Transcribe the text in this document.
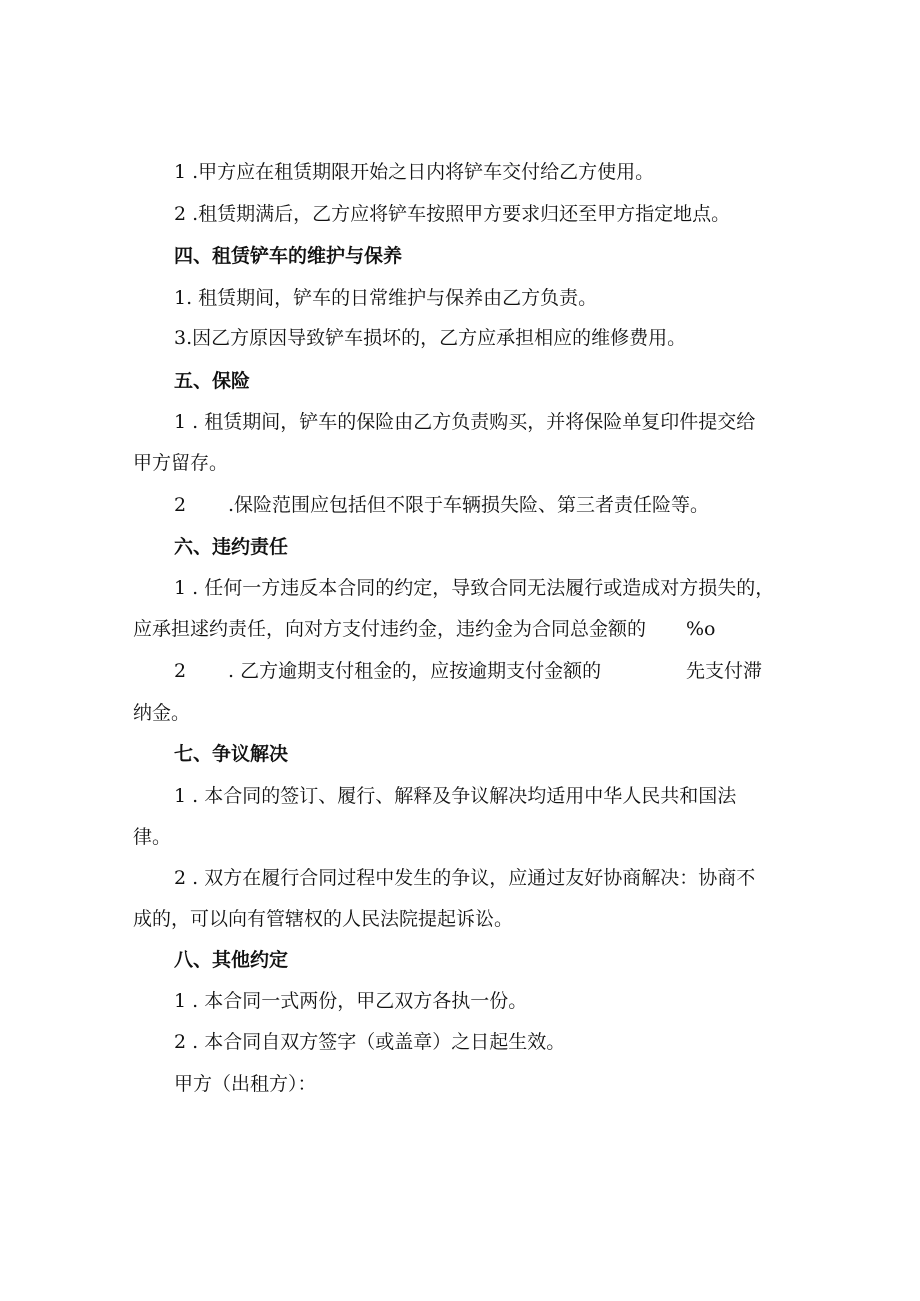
1 .甲方应在租赁期限开始之日内将铲车交付给乙方使用。
2 .租赁期满后，乙方应将铲车按照甲方要求归还至甲方指定地点。
四、租赁铲车的维护与保养
1. 租赁期间，铲车的日常维护与保养由乙方负责。
3.因乙方原因导致铲车损坏的，乙方应承担相应的维修费用。
五、保险
1 . 租赁期间，铲车的保险由乙方负责购买，并将保险单复印件提交给
甲方留存。
2 .保险范围应包括但不限于车辆损失险、第三者责任险等。
六、违约责任
1 . 任何一方违反本合同的约定，导致合同无法履行或造成对方损失的，
应承担逑约责任，向对方支付违约金，违约金为合同总金额的 %o
2 . 乙方逾期支付租金的，应按逾期支付金额的	先支付滞
纳金。
七、争议解决
1 . 本合同的签订、履行、解释及争议解决均适用中华人民共和国法
律。
2 . 双方在履行合同过程中发生的争议，应通过友好协商解决：协商不
成的，可以向有管辖权的人民法院提起诉讼。
八、其他约定
1 . 本合同一式两份，甲乙双方各执一份。
2 . 本合同自双方签字（或盖章）之日起生效。
甲方（出租方）：
